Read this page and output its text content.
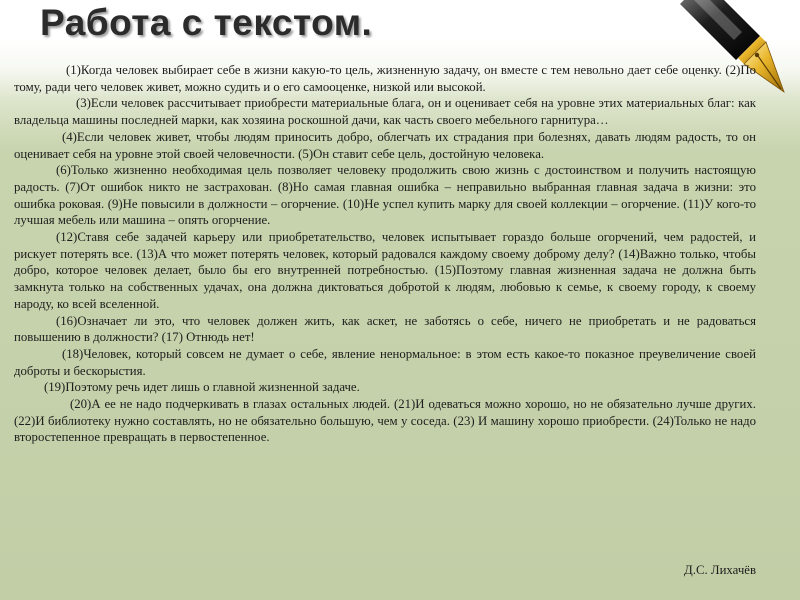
Работа с текстом.

(1)Когда человек выбирает себе в жизни какую-то цель, жизненную задачу, он вместе с тем невольно дает себе оценку. (2)По тому, ради чего человек живет, можно судить и о его самооценке, низкой или высокой.

(3)Если человек рассчитывает приобрести материальные блага, он и оценивает себя на уровне этих материальных благ: как владельца машины последней марки, как хозяина роскошной дачи, как часть своего мебельного гарнитура…

(4)Если человек живет, чтобы людям приносить добро, облегчать их страдания при болезнях, давать людям радость, то он оценивает себя на уровне этой своей человечности. (5)Он ставит себе цель, достойную человека.

(6)Только жизненно необходимая цель позволяет человеку продолжить свою жизнь с достоинством и получить настоящую радость. (7)От ошибок никто не застрахован. (8)Но самая главная ошибка – неправильно выбранная главная задача в жизни: это ошибка роковая. (9)Не повысили в должности – огорчение. (10)Не успел купить марку для своей коллекции – огорчение. (11)У кого-то лучшая мебель или машина – опять огорчение.

(12)Ставя себе задачей карьеру или приобретательство, человек испытывает гораздо больше огорчений, чем радостей, и рискует потерять все. (13)А что может потерять человек, который радовался каждому своему доброму делу? (14)Важно только, чтобы добро, которое человек делает, было бы его внутренней потребностью. (15)Поэтому главная жизненная задача не должна быть замкнута только на собственных удачах, она должна диктоваться добротой к людям, любовью к семье, к своему городу, к своему народу, ко всей вселенной.

(16)Означает ли это, что человек должен жить, как аскет, не заботясь о себе, ничего не приобретать и не радоваться повышению в должности? (17) Отнюдь нет!

(18)Человек, который совсем не думает о себе, явление ненормальное: в этом есть какое-то показное преувеличение своей доброты и бескорыстия.

(19)Поэтому речь идет лишь о главной жизненной задаче.

(20)А ее не надо подчеркивать в глазах остальных людей. (21)И одеваться можно хорошо, но не обязательно лучше других. (22)И библиотеку нужно составлять, но не обязательно большую, чем у соседа. (23) И машину хорошо приобрести. (24)Только не надо второстепенное превращать в первостепенное.

Д.С. Лихачёв
